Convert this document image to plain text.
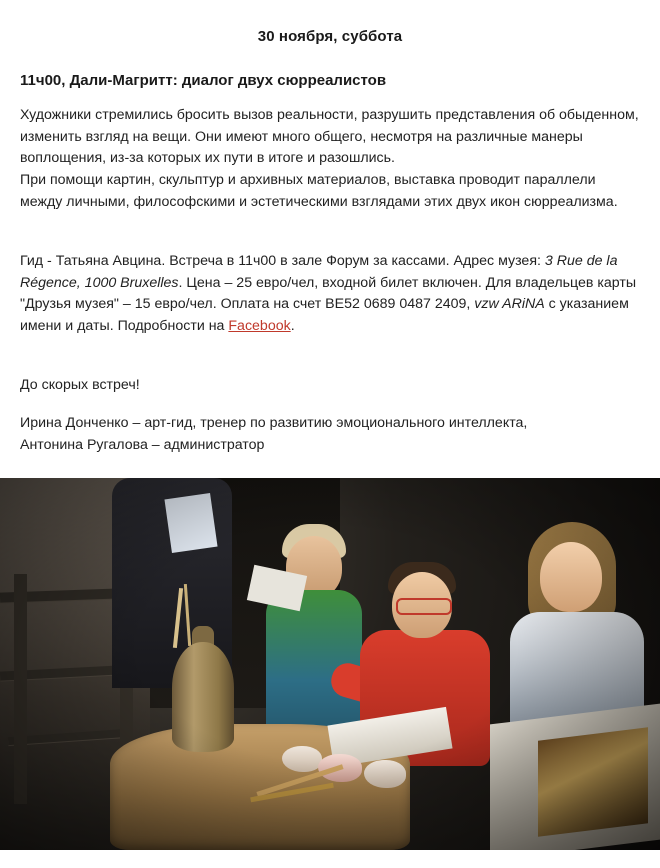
30 ноября, суббота
11ч00, Дали-Магритт: диалог двух сюрреалистов

Художники стремились бросить вызов реальности, разрушить представления об обыденном, изменить взгляд на вещи. Они имеют много общего, несмотря на различные манеры воплощения, из-за которых их пути в итоге и разошлись.

При помощи картин, скульптур и архивных материалов, выставка проводит параллели между личными, философскими и эстетическими взглядами этих двух икон сюрреализма.

Гид - Татьяна Авцина. Встреча в 11ч00 в зале Форум за кассами. Адрес музея: 3 Rue de la Régence, 1000 Bruxelles. Цена – 25 евро/чел, входной билет включен. Для владельцев карты "Друзья музея" – 15 евро/чел. Оплата на счет BE52 0689 0487 2409, vzw ARiNA с указанием имени и даты. Подробности на Facebook.

До скорых встреч!

Ирина Донченко – арт-гид, тренер по развитию эмоционального интеллекта,

Антонина Ругалова – администратор
